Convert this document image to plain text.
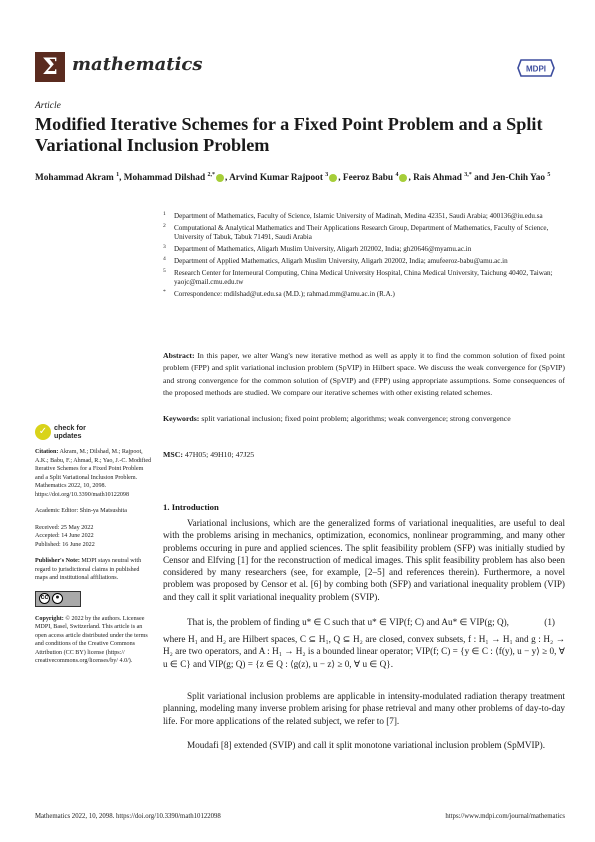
Σ mathematics	MDPI
Article
Modified Iterative Schemes for a Fixed Point Problem and a Split Variational Inclusion Problem
Mohammad Akram $^1$, Mohammad Dilshad $^{2,*}$ , Arvind Kumar Rajpoot $^3$ , Feeroz Babu $^4$ , Rais Ahmad $^{3,*}$ and Jen-Chih Yao $^5$
1 Department of Mathematics, Faculty of Science, Islamic University of Madinah, Medina 42351, Saudi Arabia; 400136@iu.edu.sa
2 Computational & Analytical Mathematics and Their Applications Research Group, Department of Mathematics, Faculty of Science, University of Tabuk, Tabuk 71491, Saudi Arabia
3 Department of Mathematics, Aligarh Muslim University, Aligarh 202002, India; gh20646@myamu.ac.in
4 Department of Applied Mathematics, Aligarh Muslim University, Aligarh 202002, India; amufeeroz-babu@amu.ac.in
5 Research Center for Interneural Computing, China Medical University Hospital, China Medical University, Taichung 40402, Taiwan; yaojc@mail.cmu.edu.tw
* Correspondence: mdilshad@ut.edu.sa (M.D.); rahmad.mm@amu.ac.in (R.A.)
Abstract: In this paper, we alter Wang's new iterative method as well as apply it to find the common solution of fixed point problem (FPP) and split variational inclusion problem (SpVIP) in Hilbert space. We discuss the weak convergence for (SpVIP) and strong convergence for the common solution of (SpVIP) and (FPP) using appropriate assumptions. Some consequences of the proposed methods are studied. We compare our iterative schemes with other existing related schemes.
Keywords: split variational inclusion; fixed point problem; algorithms; weak convergence; strong convergence
MSC: 47H05; 49H10; 47J25
✓ check for
updates
Citation: Akram, M.; Dilshad, M.; Rajpoot, A.K.; Babu, F.; Ahmad, R.; Yao, J.-C. Modified Iterative Schemes for a Fixed Point Problem and a Split Variational Inclusion Problem. Mathematics 2022, 10, 2098. https://doi.org/10.3390/math10122098
Academic Editor: Shin-ya Matsushita
Received: 25 May 2022
Accepted: 14 June 2022
Published: 16 June 2022
Publisher's Note: MDPI stays neutral with regard to jurisdictional claims in published maps and institutional affiliations.
cc ●
Copyright: © 2022 by the authors. Licensee MDPI, Basel, Switzerland. This article is an open access article distributed under the terms and conditions of the Creative Commons Attribution (CC BY) license (https:// creativecommons.org/licenses/by/ 4.0/).
1. Introduction

Variational inclusions, which are the generalized forms of variational inequalities, are useful to deal with the problems arising in mechanics, optimization, economics, nonlinear programming, and many other problems occuring in pure and applied sciences. The split feasibility problem (SFP) was initially studied by Censor and Elfving [1] for the reconstruction of medical images. This split feasibility problem has also been considered by many researchers (see, for example, [2–5] and references therein). Furthermore, a novel problem was proposed by Censor et al. [6] by combing both (SFP) and variational inequality problem (VIP) and they call it split variational inequality problem (SVIP).

That is, the problem of finding u* ∈ C such that u* ∈ VIP(f; C) and Au* ∈ VIP(g; Q),	(1)

where H₁ and H₂ are Hilbert spaces, C ⊆ H₁, Q ⊆ H₂ are closed, convex subsets, f : H₁ → H₁ and g : H₂ → H₂ are two operators, and A : H₁ → H₂ is a bounded linear operator; VIP(f; C) = {y ∈ C : ⟨f(y), u − y⟩ ≥ 0, ∀ u ∈ C} and VIP(g; Q) = {z ∈ Q : ⟨g(z), u − z⟩ ≥ 0, ∀ u ∈ Q}.

Split variational inclusion problems are applicable in intensity-modulated radiation therapy treatment planning, modeling many inverse problem arising for phase retrieval and many other problems of day-to-day life. For more applications of the related subject, we refer to [7].

Moudafi [8] extended (SVIP) and call it split monotone variational inclusion problem (SpMVIP).

Mathematics 2022, 10, 2098. https://doi.org/10.3390/math10122098	https://www.mdpi.com/journal/mathematics
